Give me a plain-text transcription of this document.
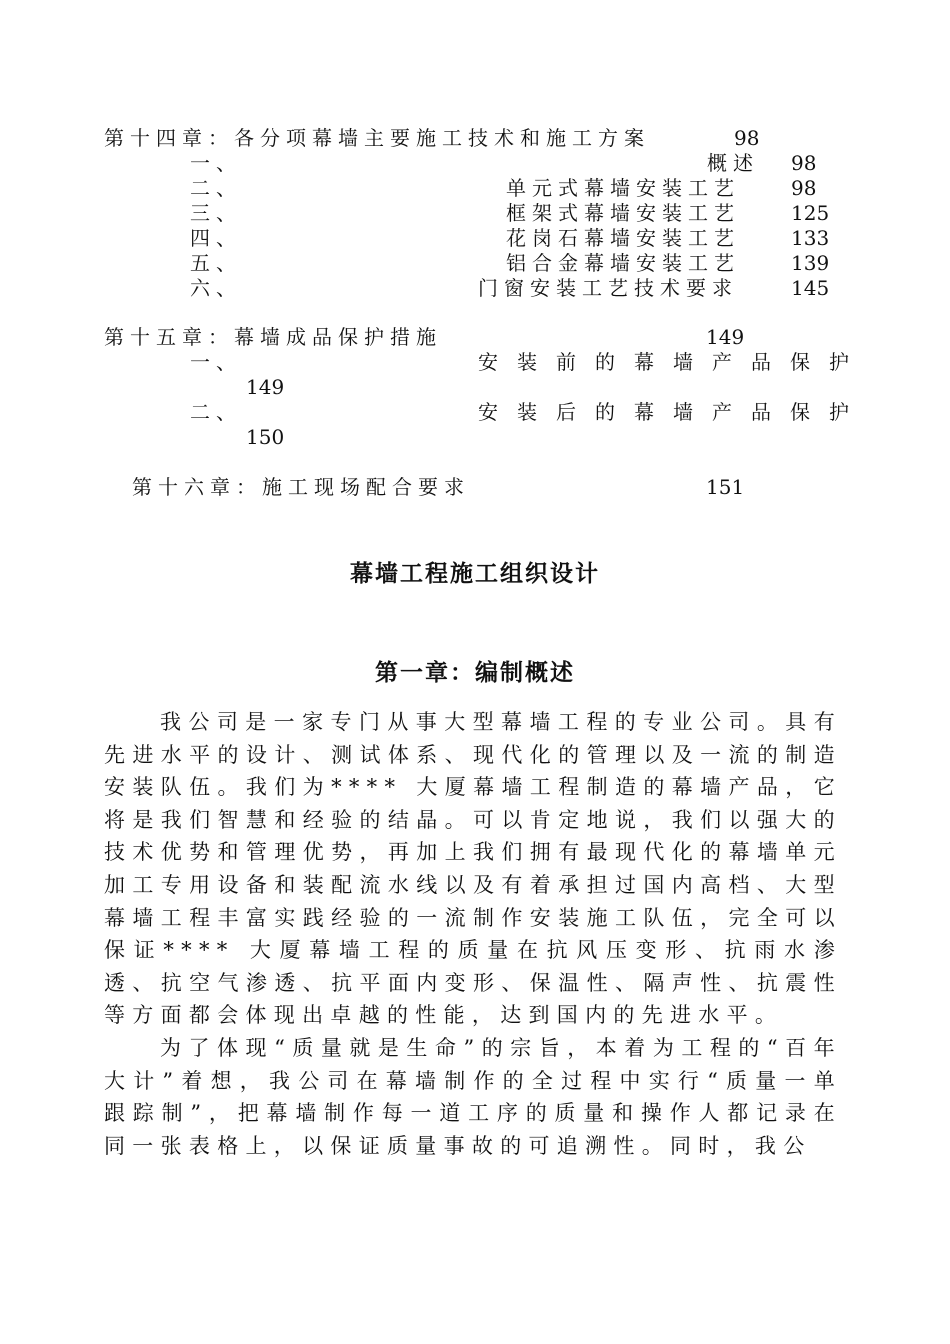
第十四章：各分项幕墙主要施工技术和施工方案	98
一、	概述 98
二、	单元式幕墙安装工艺	98
三、	框架式幕墙安装工艺	125
四、	花岗石幕墙安装工艺	133
五、	铝合金幕墙安装工艺	139
六、	门窗安装工艺技术要求	145
第十五章：幕墙成品保护措施	149
一、	安装前的幕墙产品保护
149
二、	安装后的幕墙产品保护
150
第十六章：施工现场配合要求	151
幕墙工程施工组织设计
第一章：编制概述

我公司是一家专门从事大型幕墙工程的专业公司。具有先进水平的设计、测试体系、现代化的管理以及一流的制造安装队伍。我们为**** 大厦幕墙工程制造的幕墙产品，它将是我们智慧和经验的结晶。可以肯定地说，我们以强大的技术优势和管理优势，再加上我们拥有最现代化的幕墙单元加工专用设备和装配流水线以及有着承担过国内高档、大型幕墙工程丰富实践经验的一流制作安装施工队伍，完全可以保证**** 大厦幕墙工程的质量在抗风压变形、抗雨水渗透、抗空气渗透、抗平面内变形、保温性、隔声性、抗震性等方面都会体现出卓越的性能，达到国内的先进水平。

为了体现“质量就是生命”的宗旨，本着为工程的“百年大计”着想，我公司在幕墙制作的全过程中实行“质量一单跟踪制”，把幕墙制作每一道工序的质量和操作人都记录在同一张表格上，以保证质量事故的可追溯性。同时，我公
